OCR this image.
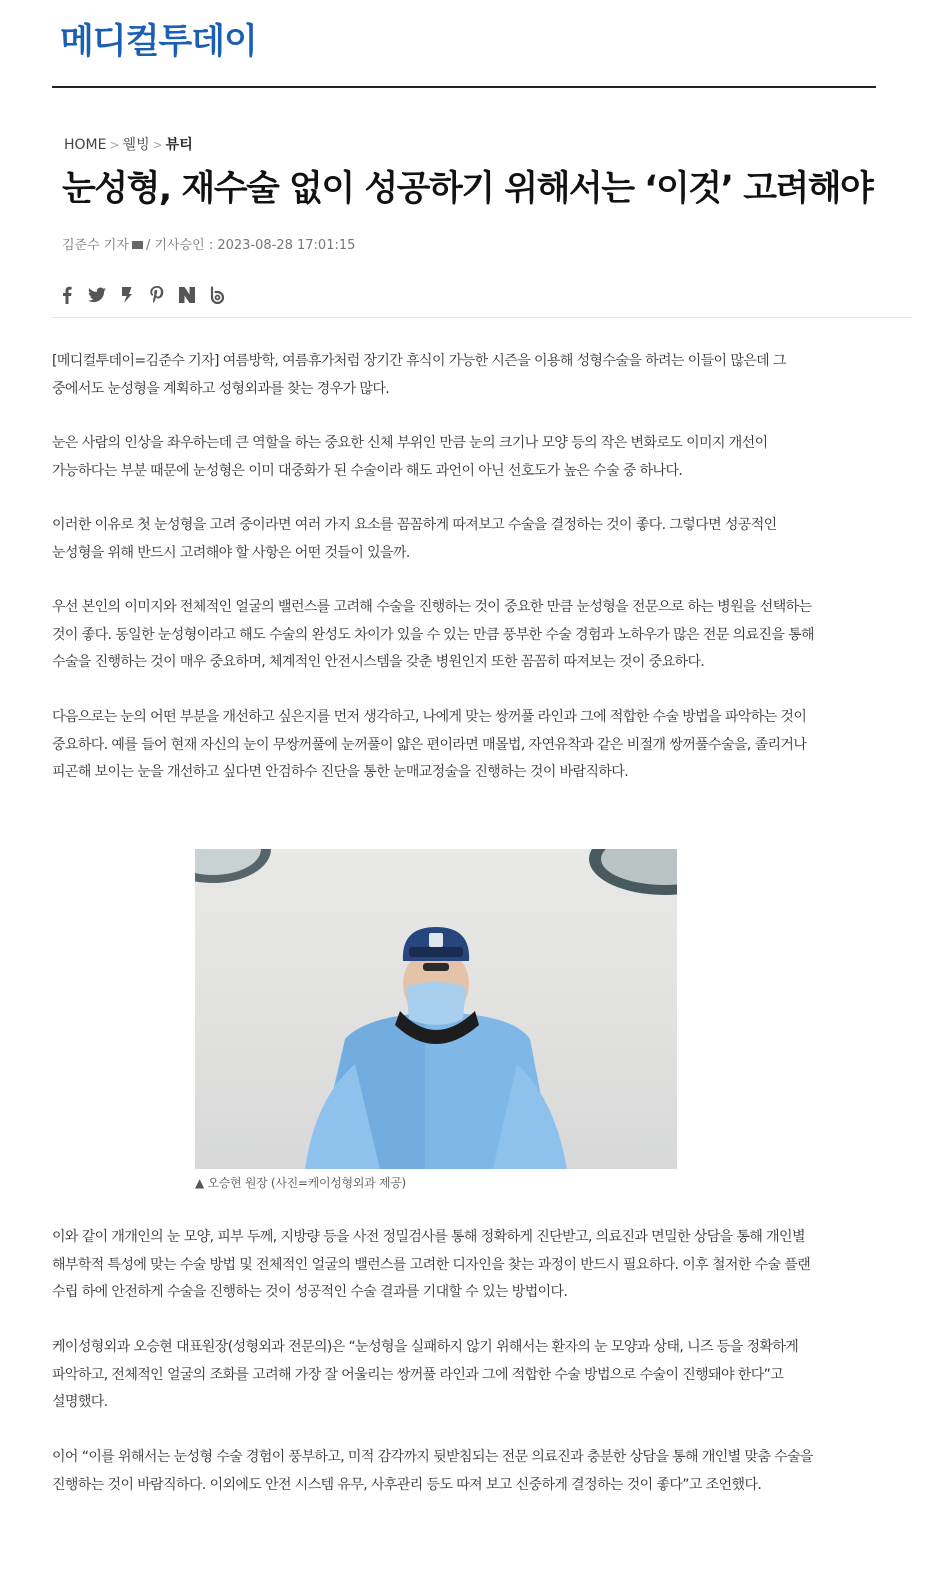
메디컬투데이
HOME > 웰빙 > 뷰티
눈성형, 재수술 없이 성공하기 위해서는 ‘이것’ 고려해야
김준수 기자 / 기사승인 : 2023-08-28 17:01:15

[메디컬투데이=김준수 기자] 여름방학, 여름휴가처럼 장기간 휴식이 가능한 시즌을 이용해 성형수술을 하려는 이들이 많은데 그 중에서도 눈성형을 계획하고 성형외과를 찾는 경우가 많다.

눈은 사람의 인상을 좌우하는데 큰 역할을 하는 중요한 신체 부위인 만큼 눈의 크기나 모양 등의 작은 변화로도 이미지 개선이 가능하다는 부분 때문에 눈성형은 이미 대중화가 된 수술이라 해도 과언이 아닌 선호도가 높은 수술 중 하나다.

이러한 이유로 첫 눈성형을 고려 중이라면 여러 가지 요소를 꼼꼼하게 따져보고 수술을 결정하는 것이 좋다. 그렇다면 성공적인 눈성형을 위해 반드시 고려해야 할 사항은 어떤 것들이 있을까.

우선 본인의 이미지와 전체적인 얼굴의 밸런스를 고려해 수술을 진행하는 것이 중요한 만큼 눈성형을 전문으로 하는 병원을 선택하는 것이 좋다. 동일한 눈성형이라고 해도 수술의 완성도 차이가 있을 수 있는 만큼 풍부한 수술 경험과 노하우가 많은 전문 의료진을 통해 수술을 진행하는 것이 매우 중요하며, 체계적인 안전시스템을 갖춘 병원인지 또한 꼼꼼히 따져보는 것이 중요하다.

다음으로는 눈의 어떤 부분을 개선하고 싶은지를 먼저 생각하고, 나에게 맞는 쌍꺼풀 라인과 그에 적합한 수술 방법을 파악하는 것이 중요하다. 예를 들어 현재 자신의 눈이 무쌍꺼풀에 눈꺼풀이 얇은 편이라면 매몰법, 자연유착과 같은 비절개 쌍꺼풀수술을, 졸리거나 피곤해 보이는 눈을 개선하고 싶다면 안검하수 진단을 통한 눈매교정술을 진행하는 것이 바람직하다.

▲ 오승현 원장 (사진=케이성형외과 제공)

이와 같이 개개인의 눈 모양, 피부 두께, 지방량 등을 사전 정밀검사를 통해 정확하게 진단받고, 의료진과 면밀한 상담을 통해 개인별 해부학적 특성에 맞는 수술 방법 및 전체적인 얼굴의 밸런스를 고려한 디자인을 찾는 과정이 반드시 필요하다. 이후 철저한 수술 플랜 수립 하에 안전하게 수술을 진행하는 것이 성공적인 수술 결과를 기대할 수 있는 방법이다.

케이성형외과 오승현 대표원장(성형외과 전문의)은 “눈성형을 실패하지 않기 위해서는 환자의 눈 모양과 상태, 니즈 등을 정확하게 파악하고, 전체적인 얼굴의 조화를 고려해 가장 잘 어울리는 쌍꺼풀 라인과 그에 적합한 수술 방법으로 수술이 진행돼야 한다”고 설명했다.

이어 “이를 위해서는 눈성형 수술 경험이 풍부하고, 미적 감각까지 뒷받침되는 전문 의료진과 충분한 상담을 통해 개인별 맞춤 수술을 진행하는 것이 바람직하다. 이외에도 안전 시스템 유무, 사후관리 등도 따져 보고 신중하게 결정하는 것이 좋다”고 조언했다.
